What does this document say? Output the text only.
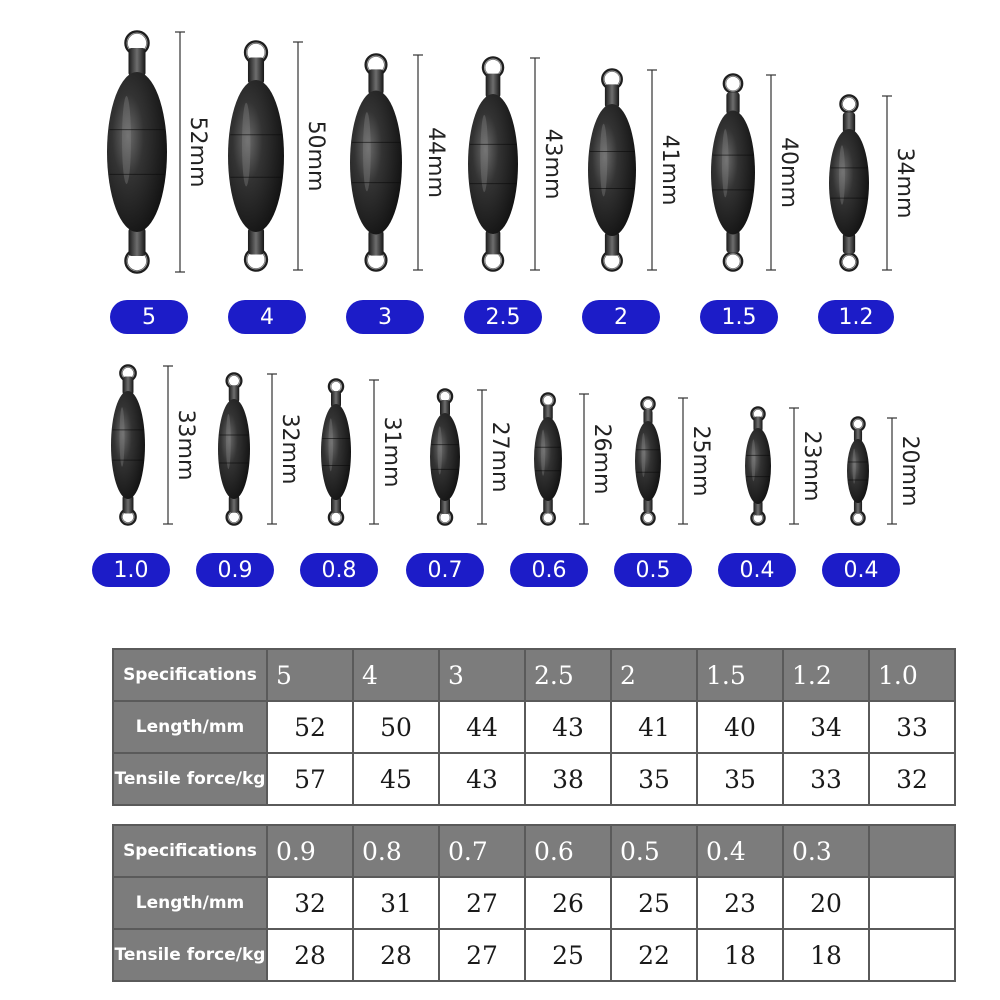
52mm
5
50mm
4
44mm
3
43mm
2.5
41mm
2
40mm
1.5
34mm
1.2
33mm
1.0
32mm
0.9
31mm
0.8
27mm
0.7
26mm
0.6
25mm
0.5
23mm
0.4
20mm
0.4
Specifications	5	4	3	2.5	2	1.5	1.2	1.0
Length/mm	52	50	44	43	41	40	34	33
Tensile force/kg	57	45	43	38	35	35	33	32
Specifications	0.9	0.8	0.7	0.6	0.5	0.4	0.3	
Length/mm	32	31	27	26	25	23	20	
Tensile force/kg	28	28	27	25	22	18	18	
